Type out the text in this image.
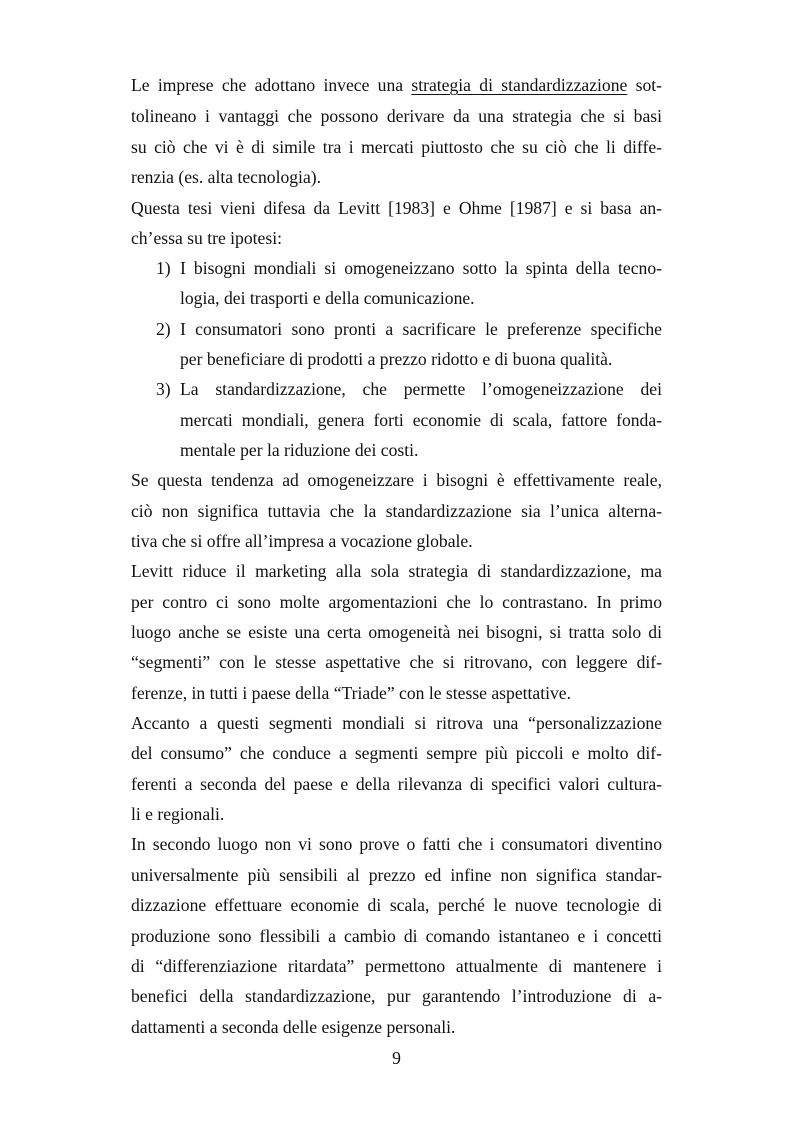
Le imprese che adottano invece una strategia di standardizzazione sot-
tolineano i vantaggi che possono derivare da una strategia che si basi
su ciò che vi è di simile tra i mercati piuttosto che su ciò che li diffe-
renzia (es. alta tecnologia).
Questa tesi vieni difesa da Levitt [1983] e Ohme [1987] e si basa an-
ch’essa su tre ipotesi:
1) I bisogni mondiali si omogeneizzano sotto la spinta della tecno-
logia, dei trasporti e della comunicazione.
2) I consumatori sono pronti a sacrificare le preferenze specifiche
per beneficiare di prodotti a prezzo ridotto e di buona qualità.
3) La standardizzazione, che permette l’omogeneizzazione dei
mercati mondiali, genera forti economie di scala, fattore fonda-
mentale per la riduzione dei costi.
Se questa tendenza ad omogeneizzare i bisogni è effettivamente reale,
ciò non significa tuttavia che la standardizzazione sia l’unica alterna-
tiva che si offre all’impresa a vocazione globale.
Levitt riduce il marketing alla sola strategia di standardizzazione, ma
per contro ci sono molte argomentazioni che lo contrastano. In primo
luogo anche se esiste una certa omogeneità nei bisogni, si tratta solo di
“segmenti” con le stesse aspettative che si ritrovano, con leggere dif-
ferenze, in tutti i paese della “Triade” con le stesse aspettative.
Accanto a questi segmenti mondiali si ritrova una “personalizzazione
del consumo” che conduce a segmenti sempre più piccoli e molto dif-
ferenti a seconda del paese e della rilevanza di specifici valori cultura-
li e regionali.
In secondo luogo non vi sono prove o fatti che i consumatori diventino
universalmente più sensibili al prezzo ed infine non significa standar-
dizzazione effettuare economie di scala, perché le nuove tecnologie di
produzione sono flessibili a cambio di comando istantaneo e i concetti
di “differenziazione ritardata” permettono attualmente di mantenere i
benefici della standardizzazione, pur garantendo l’introduzione di a-
dattamenti a seconda delle esigenze personali.
9
